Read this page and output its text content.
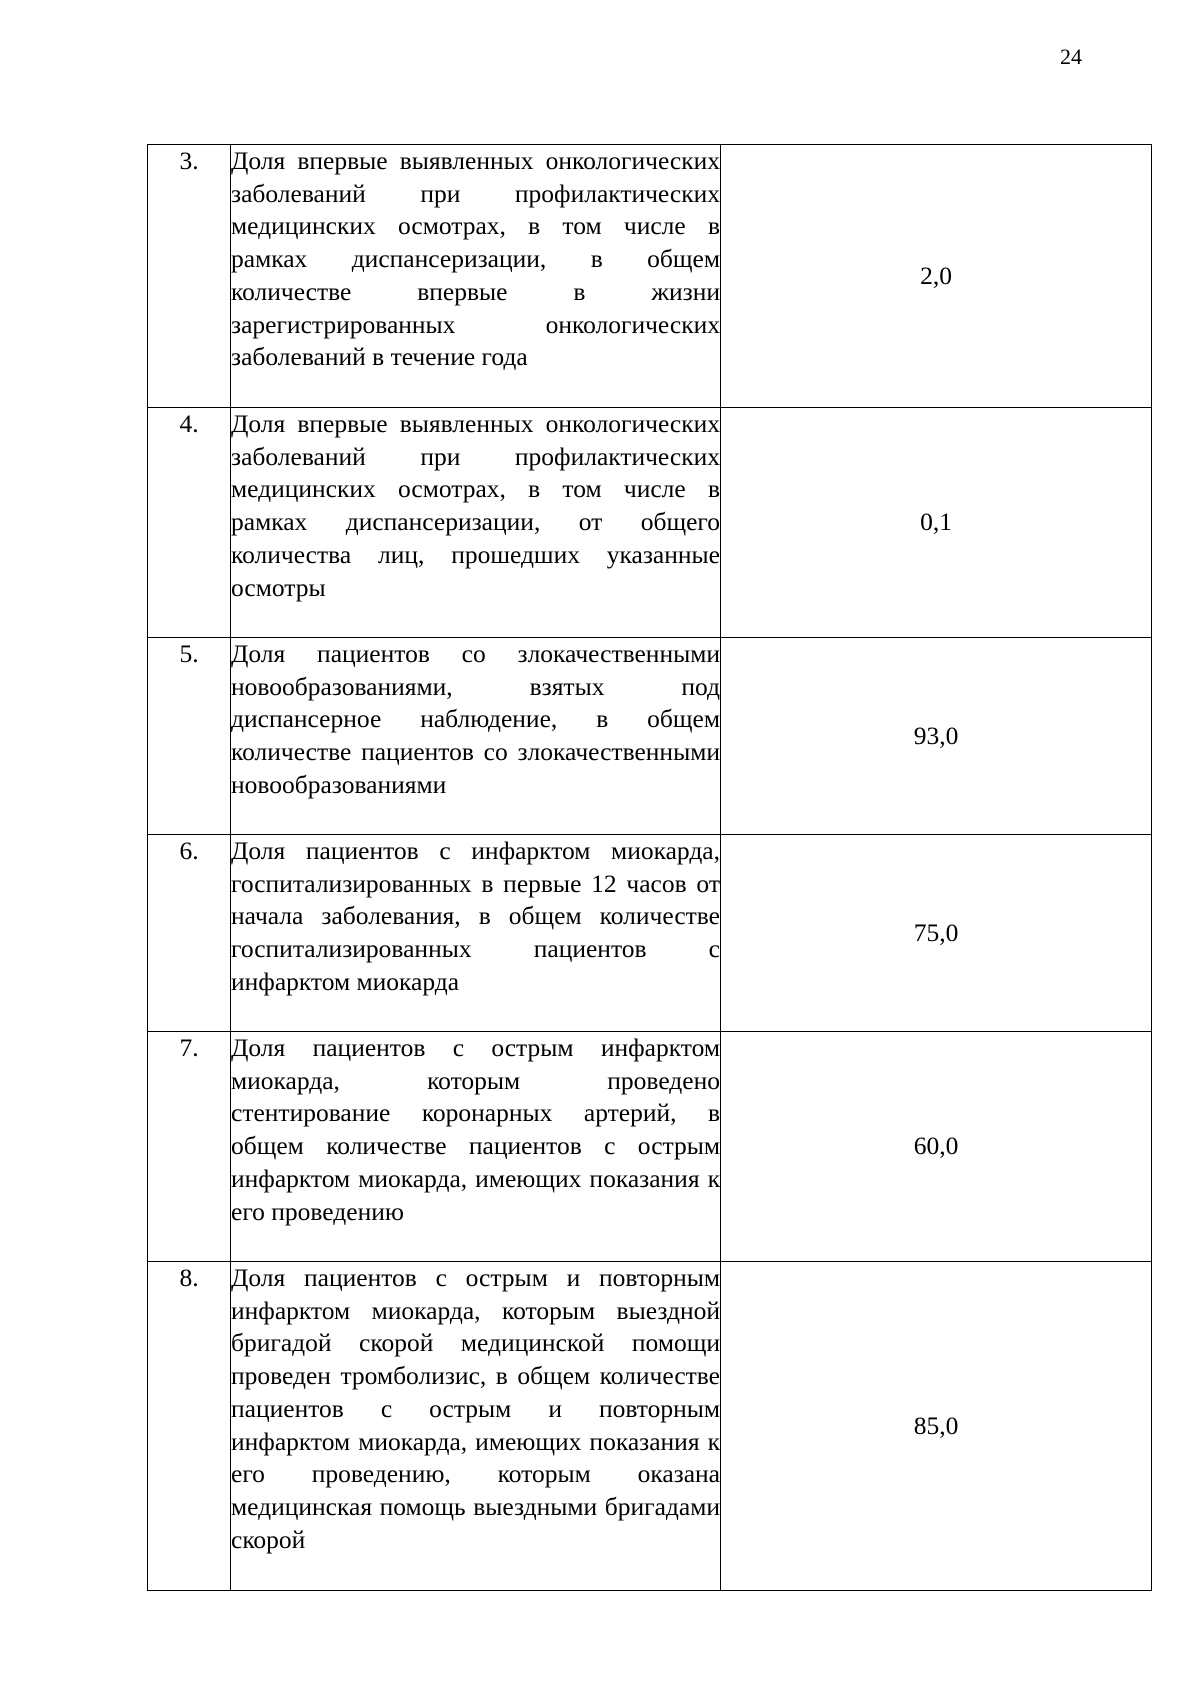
24
3.	Доля впервые выявленных онкологических заболеваний при профилактических медицинских осмотрах, в том числе в рамках диспансеризации, в общем количестве впервые в жизни зарегистрированных онкологических заболеваний в течение года	2,0
4.	Доля впервые выявленных онкологических заболеваний при профилактических медицинских осмотрах, в том числе в рамках диспансеризации, от общего количества лиц, прошедших указанные осмотры	0,1
5.	Доля пациентов со злокачественными новообразованиями, взятых под диспансерное наблюдение, в общем количестве пациентов со злокачественными новообразованиями	93,0
6.	Доля пациентов с инфарктом миокарда, госпитализированных в первые 12 часов от начала заболевания, в общем количестве госпитализированных пациентов с инфарктом миокарда	75,0
7.	Доля пациентов с острым инфарктом миокарда, которым проведено стентирование коронарных артерий, в общем количестве пациентов с острым инфарктом миокарда, имеющих показания к его проведению	60,0
8.	Доля пациентов с острым и повторным инфарктом миокарда, которым выездной бригадой скорой медицинской помощи проведен тромболизис, в общем количестве пациентов с острым и повторным инфарктом миокарда, имеющих показания к его проведению, которым оказана медицинская помощь выездными бригадами скорой	85,0
